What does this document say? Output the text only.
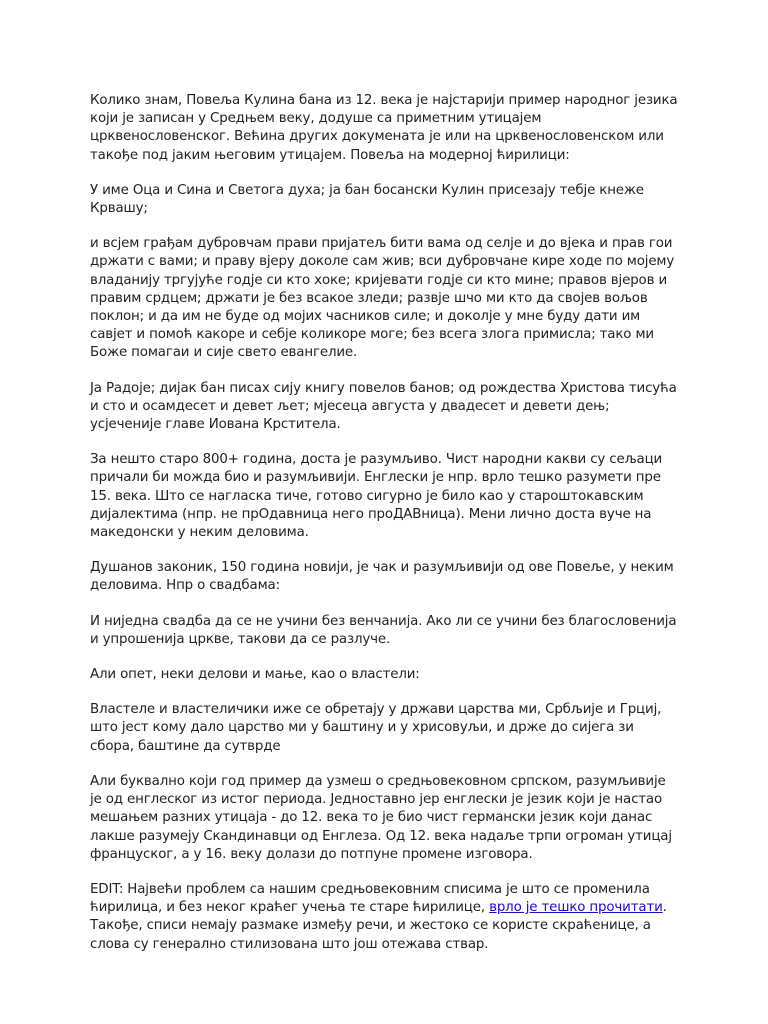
Колико знам, Повеља Кулина бана из 12. века је најстарији пример народног језика који је записан у Средњем веку, додуше са приметним утицајем црквенословенског. Већина других докумената је или на црквенословенском или такође под јаким његовим утицајем. Повеља на модерној ћирилици:

У име Оца и Сина и Светога духа; ја бан босански Кулин присезају тебје кнеже Крвашу;

и всјем грађам дубровчам прави пријатељ бити вама од селје и до вјека и прав гои држати с вами; и праву вјеру доколе сам жив; вси дубровчане кире ходе по мојему владанију тргујуће годје си кто хоке; кријевати годје си кто мине; правов вјеров и правим срдцем; држати је без всакое зледи; развје шчо ми кто да својев вољов поклон; и да им не буде од мојих часников силе; и доколје у мне буду дати им савјет и помоћ какоре и себје коликоре моге; без всега злога примисла; тако ми Боже помагаи и сије свето евангелие.

Ја Радоје; дијак бан писах сију книгу повелов банов; од рождества Христова тисућа и сто и осамдесет и девет љет; мјесеца августа у двадесет и девети дењ; усјеченије главе Иована Крститела.

За нешто старо 800+ година, доста је разумљиво. Чист народни какви су сељаци причали би можда био и разумљивији. Енглески је нпр. врло тешко разумети пре 15. века. Што се нагласка тиче, готово сигурно је било као у староштокавским дијалектима (нпр. не прОдавница него проДАВница). Мени лично доста вуче на македонски у неким деловима.

Душанов законик, 150 година новији, је чак и разумљивији од ове Повеље, у неким деловима. Нпр о свадбама:

И ниједна свадба да се не учини без венчанија. Ако ли се учини без благословенија и упрошенија цркве, такови да се разлуче.

Али опет, неки делови и мање, као о властели:

Властеле и властеличики иже се обретају у држави царства ми, Србљије и Грциј, што јест кому дало царство ми у баштину и у хрисовуљи, и држе до сијега зи сбора, баштине да сутврде

Али буквално који год пример да узмеш о средњовековном српском, разумљивије је од енглеског из истог периода. Једноставно јер енглески је језик који је настао мешањем разних утицаја - до 12. века то је био чист германски језик који данас лакше разумеју Скандинавци од Енглеза. Од 12. века надаље трпи огроман утицај француског, а у 16. веку долази до потпуне промене изговора.

EDIT: Највећи проблем са нашим средњовековним списима је што се променила ћирилица, и без неког краћег учења те старе ћирилице, врло је тешко прочитати. Такође, списи немају размаке између речи, и жестоко се користе скраћенице, а слова су генерално стилизована што још отежава ствар.
